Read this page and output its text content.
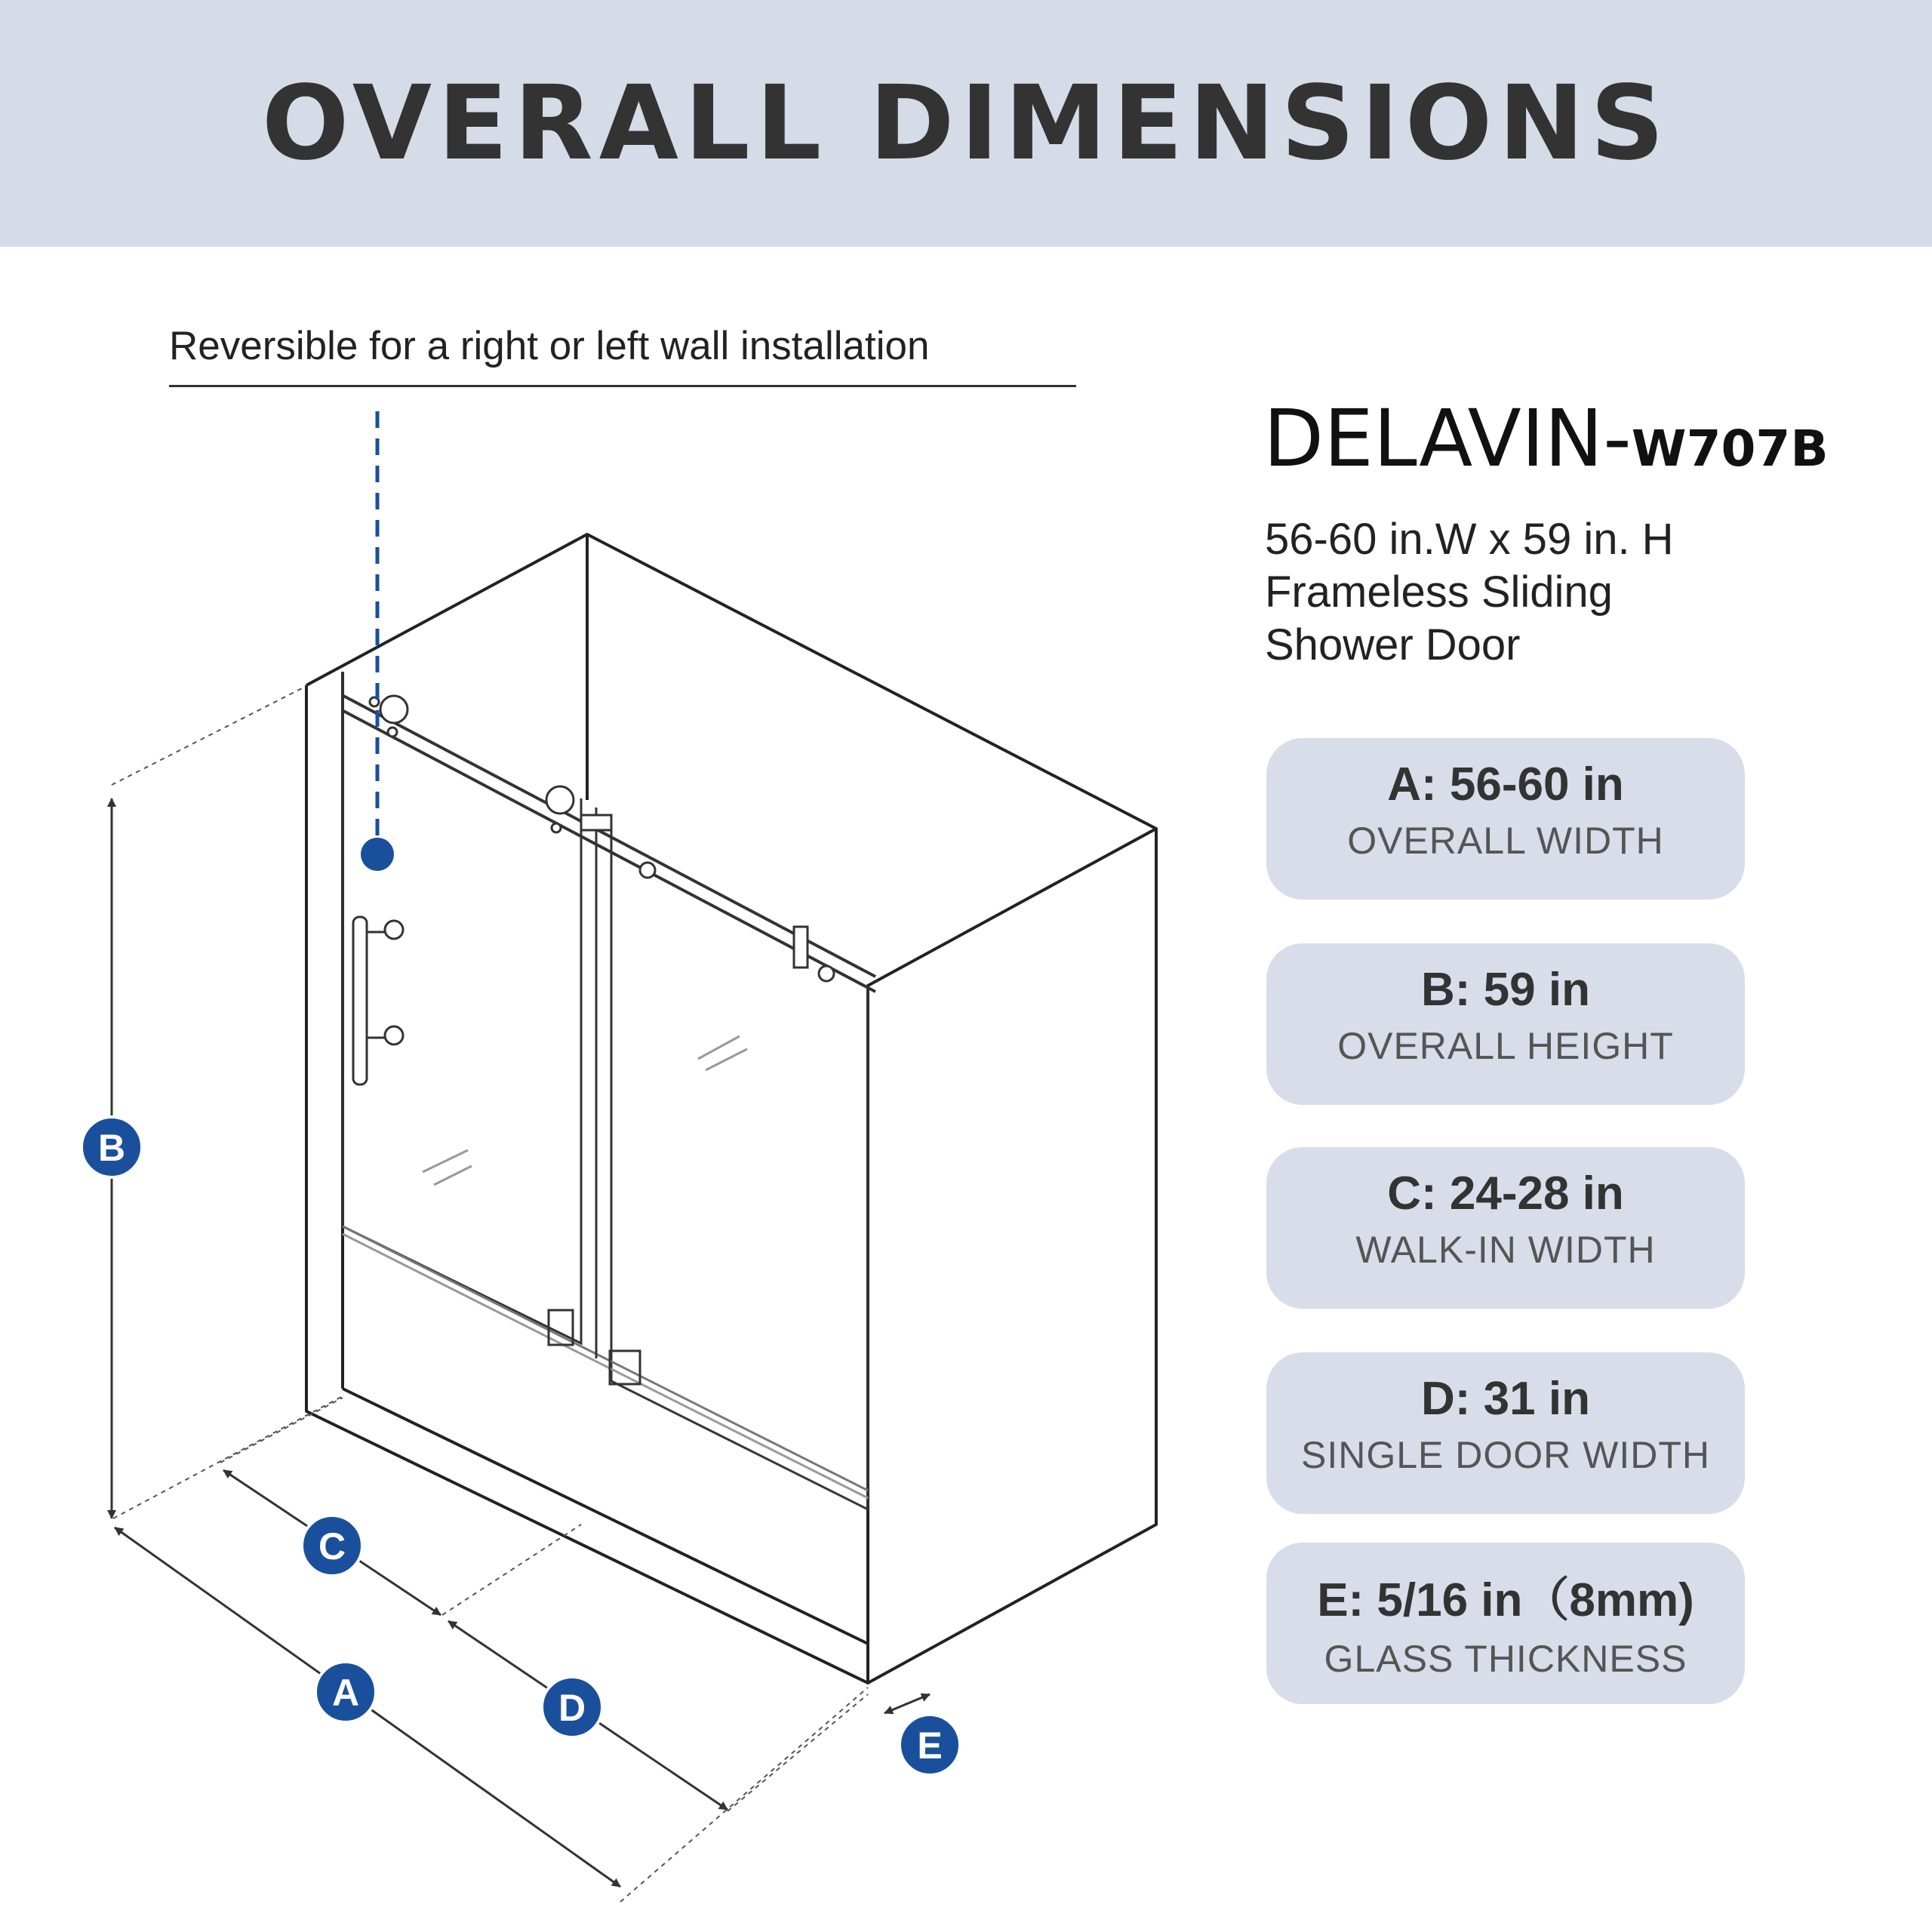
OVERALL DIMENSIONS
Reversible for a right or left wall installation
DELAVIN-W707B
56-60 in.W x 59 in. H
Frameless Sliding
Shower Door
A: 56-60 in
OVERALL WIDTH
B: 59 in
OVERALL HEIGHT
C: 24-28 in
WALK-IN WIDTH
D: 31 in
SINGLE DOOR WIDTH
E: 5/16 in（8mm)
GLASS THICKNESS
B
C
A	D
E
